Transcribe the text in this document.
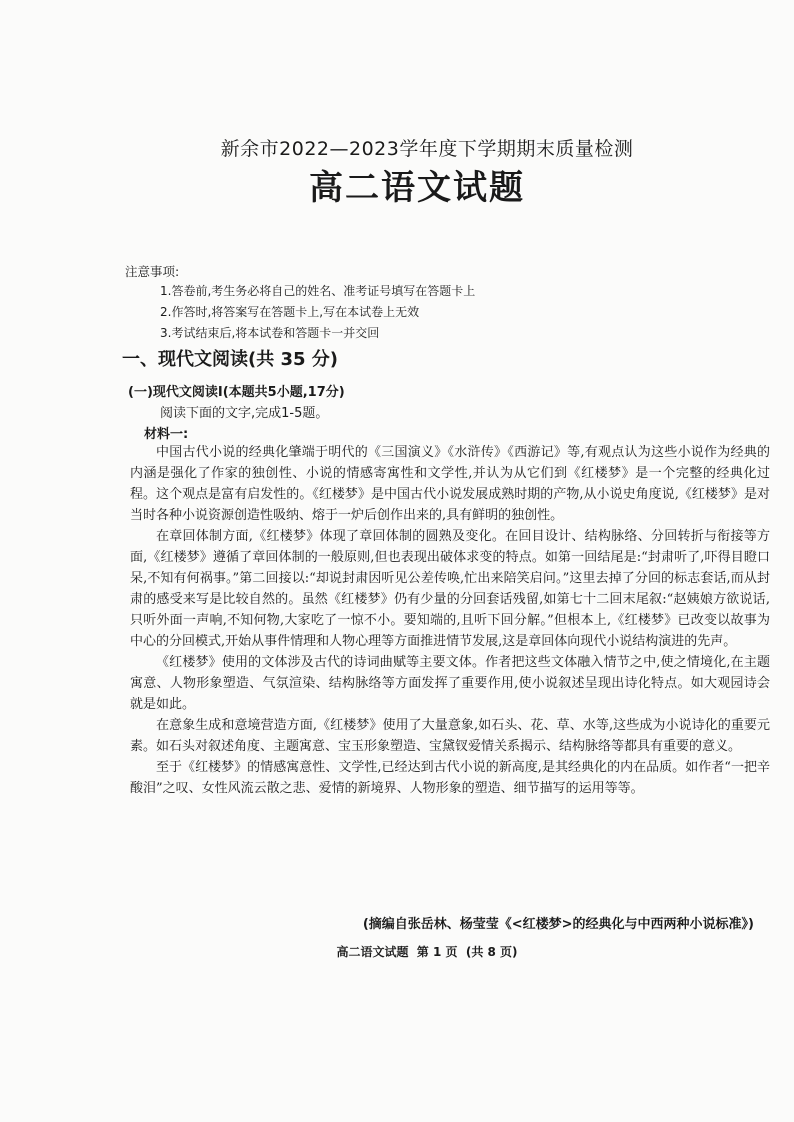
新余市2022—2023学年度下学期期末质量检测
高二语文试题
注意事项:
1.答卷前,考生务必将自己的姓名、准考证号填写在答题卡上
2.作答时,将答案写在答题卡上,写在本试卷上无效
3.考试结束后,将本试卷和答题卡一并交回
一、现代文阅读(共 35 分)
(一)现代文阅读Ⅰ(本题共5小题,17分)
阅读下面的文字,完成1-5题。
材料一:

中国古代小说的经典化肇端于明代的《三国演义》《水浒传》《西游记》等,有观点认为这些小说作为经典的内涵是强化了作家的独创性、小说的情感寄寓性和文学性,并认为从它们到《红楼梦》是一个完整的经典化过程。这个观点是富有启发性的。《红楼梦》是中国古代小说发展成熟时期的产物,从小说史角度说,《红楼梦》是对当时各种小说资源创造性吸纳、熔于一炉后创作出来的,具有鲜明的独创性。

在章回体制方面,《红楼梦》体现了章回体制的圆熟及变化。在回目设计、结构脉络、分回转折与衔接等方面,《红楼梦》遵循了章回体制的一般原则,但也表现出破体求变的特点。如第一回结尾是:“封肃听了,吓得目瞪口呆,不知有何祸事。”第二回接以:“却说封肃因听见公差传唤,忙出来陪笑启问。”这里去掉了分回的标志套话,而从封肃的感受来写是比较自然的。虽然《红楼梦》仍有少量的分回套话残留,如第七十二回末尾叙:“赵姨娘方欲说话,只听外面一声响,不知何物,大家吃了一惊不小。要知端的,且听下回分解。”但根本上,《红楼梦》已改变以故事为中心的分回模式,开始从事件情理和人物心理等方面推进情节发展,这是章回体向现代小说结构演进的先声。

《红楼梦》使用的文体涉及古代的诗词曲赋等主要文体。作者把这些文体融入情节之中,使之情境化,在主题寓意、人物形象塑造、气氛渲染、结构脉络等方面发挥了重要作用,使小说叙述呈现出诗化特点。如大观园诗会就是如此。

在意象生成和意境营造方面,《红楼梦》使用了大量意象,如石头、花、草、水等,这些成为小说诗化的重要元素。如石头对叙述角度、主题寓意、宝玉形象塑造、宝黛钗爱情关系揭示、结构脉络等都具有重要的意义。

至于《红楼梦》的情感寓意性、文学性,已经达到古代小说的新高度,是其经典化的内在品质。如作者“一把辛酸泪”之叹、女性风流云散之悲、爱情的新境界、人物形象的塑造、细节描写的运用等等。

(摘编自张岳林、杨莹莹《<红楼梦>的经典化与中西两种小说标准》)
高二语文试题  第 1 页  (共 8 页)
